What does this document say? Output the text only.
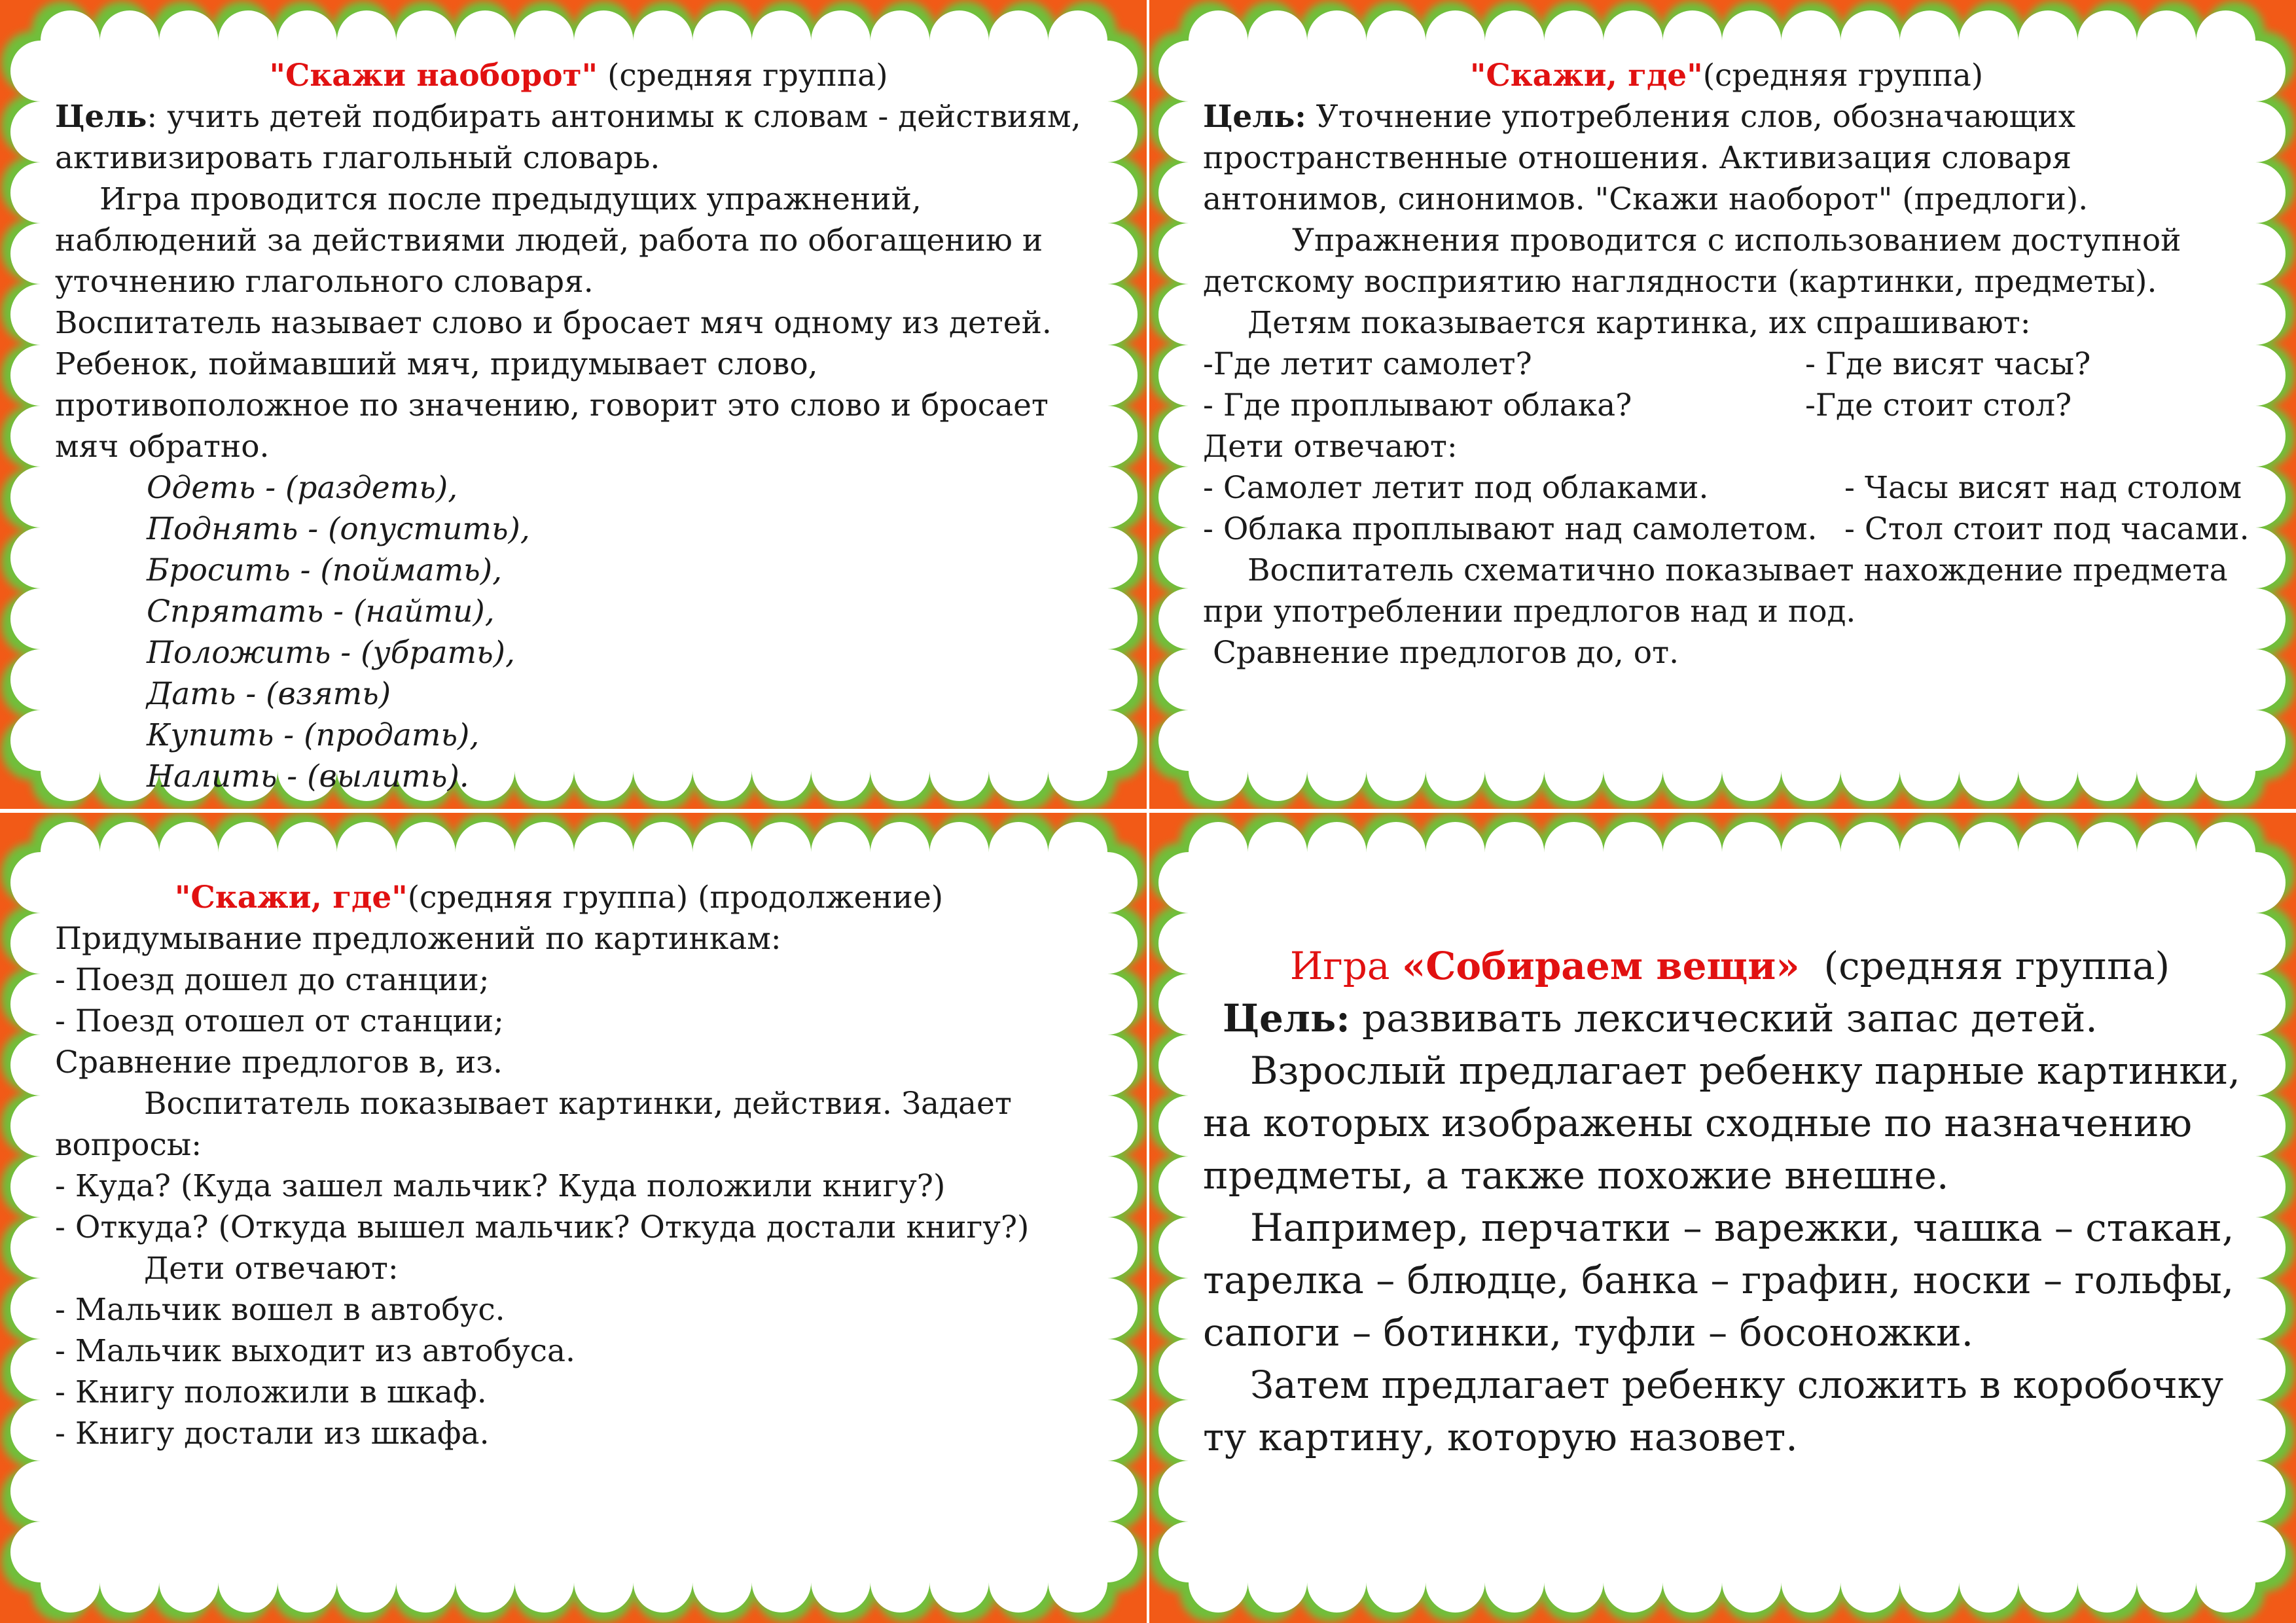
"Скажи наоборот" (средняя группа)

Цель: учить детей подбирать антонимы к словам - действиям, активизировать глагольный словарь.

Игра проводится после предыдущих упражнений, наблюдений за действиями людей, работа по обогащению и уточнению глагольного словаря.

Воспитатель называет слово и бросает мяч одному из детей. Ребенок, поймавший мяч, придумывает слово, противоположное по значению, говорит это слово и бросает мяч обратно.

Одеть - (раздеть),

Поднять - (опустить),

Бросить - (поймать),

Спрятать - (найти),

Положить - (убрать),

Дать - (взять)

Купить - (продать),

Налить - (вылить).

"Скажи, где"(средняя группа)

Цель: Уточнение употребления слов, обозначающих пространственные отношения. Активизация словаря антонимов, синонимов. "Скажи наоборот" (предлоги).

Упражнения проводится с использованием доступной детскому восприятию наглядности (картинки, предметы).

Детям показывается картинка, их спрашивают:

-Где летит самолет?	- Где висят часы?
- Где проплывают облака?	-Где стоит стол?

Дети отвечают:

- Самолет летит под облаками.	- Часы висят над столом
- Облака проплывают над самолетом. - Стол стоит под часами.

Воспитатель схематично показывает нахождение предмета при употреблении предлогов над и под.

Сравнение предлогов до, от.

"Скажи, где"(средняя группа) (продолжение)

Придумывание предложений по картинкам:

- Поезд дошел до станции;

- Поезд отошел от станции;

Сравнение предлогов в, из.

Воспитатель показывает картинки, действия. Задает вопросы:

- Куда? (Куда зашел мальчик? Куда положили книгу?)

- Откуда? (Откуда вышел мальчик? Откуда достали книгу?)

Дети отвечают:

- Мальчик вошел в автобус.

- Мальчик выходит из автобуса.

- Книгу положили в шкаф.

- Книгу достали из шкафа.

Игра «Собираем вещи»  (средняя группа)

Цель: развивать лексический запас детей.

Взрослый предлагает ребенку парные картинки, на которых изображены сходные по назначению предметы, а также похожие внешне.

Например, перчатки – варежки, чашка – стакан, тарелка – блюдце, банка – графин, носки – гольфы, сапоги – ботинки, туфли – босоножки.

Затем предлагает ребенку сложить в коробочку ту картину, которую назовет.
